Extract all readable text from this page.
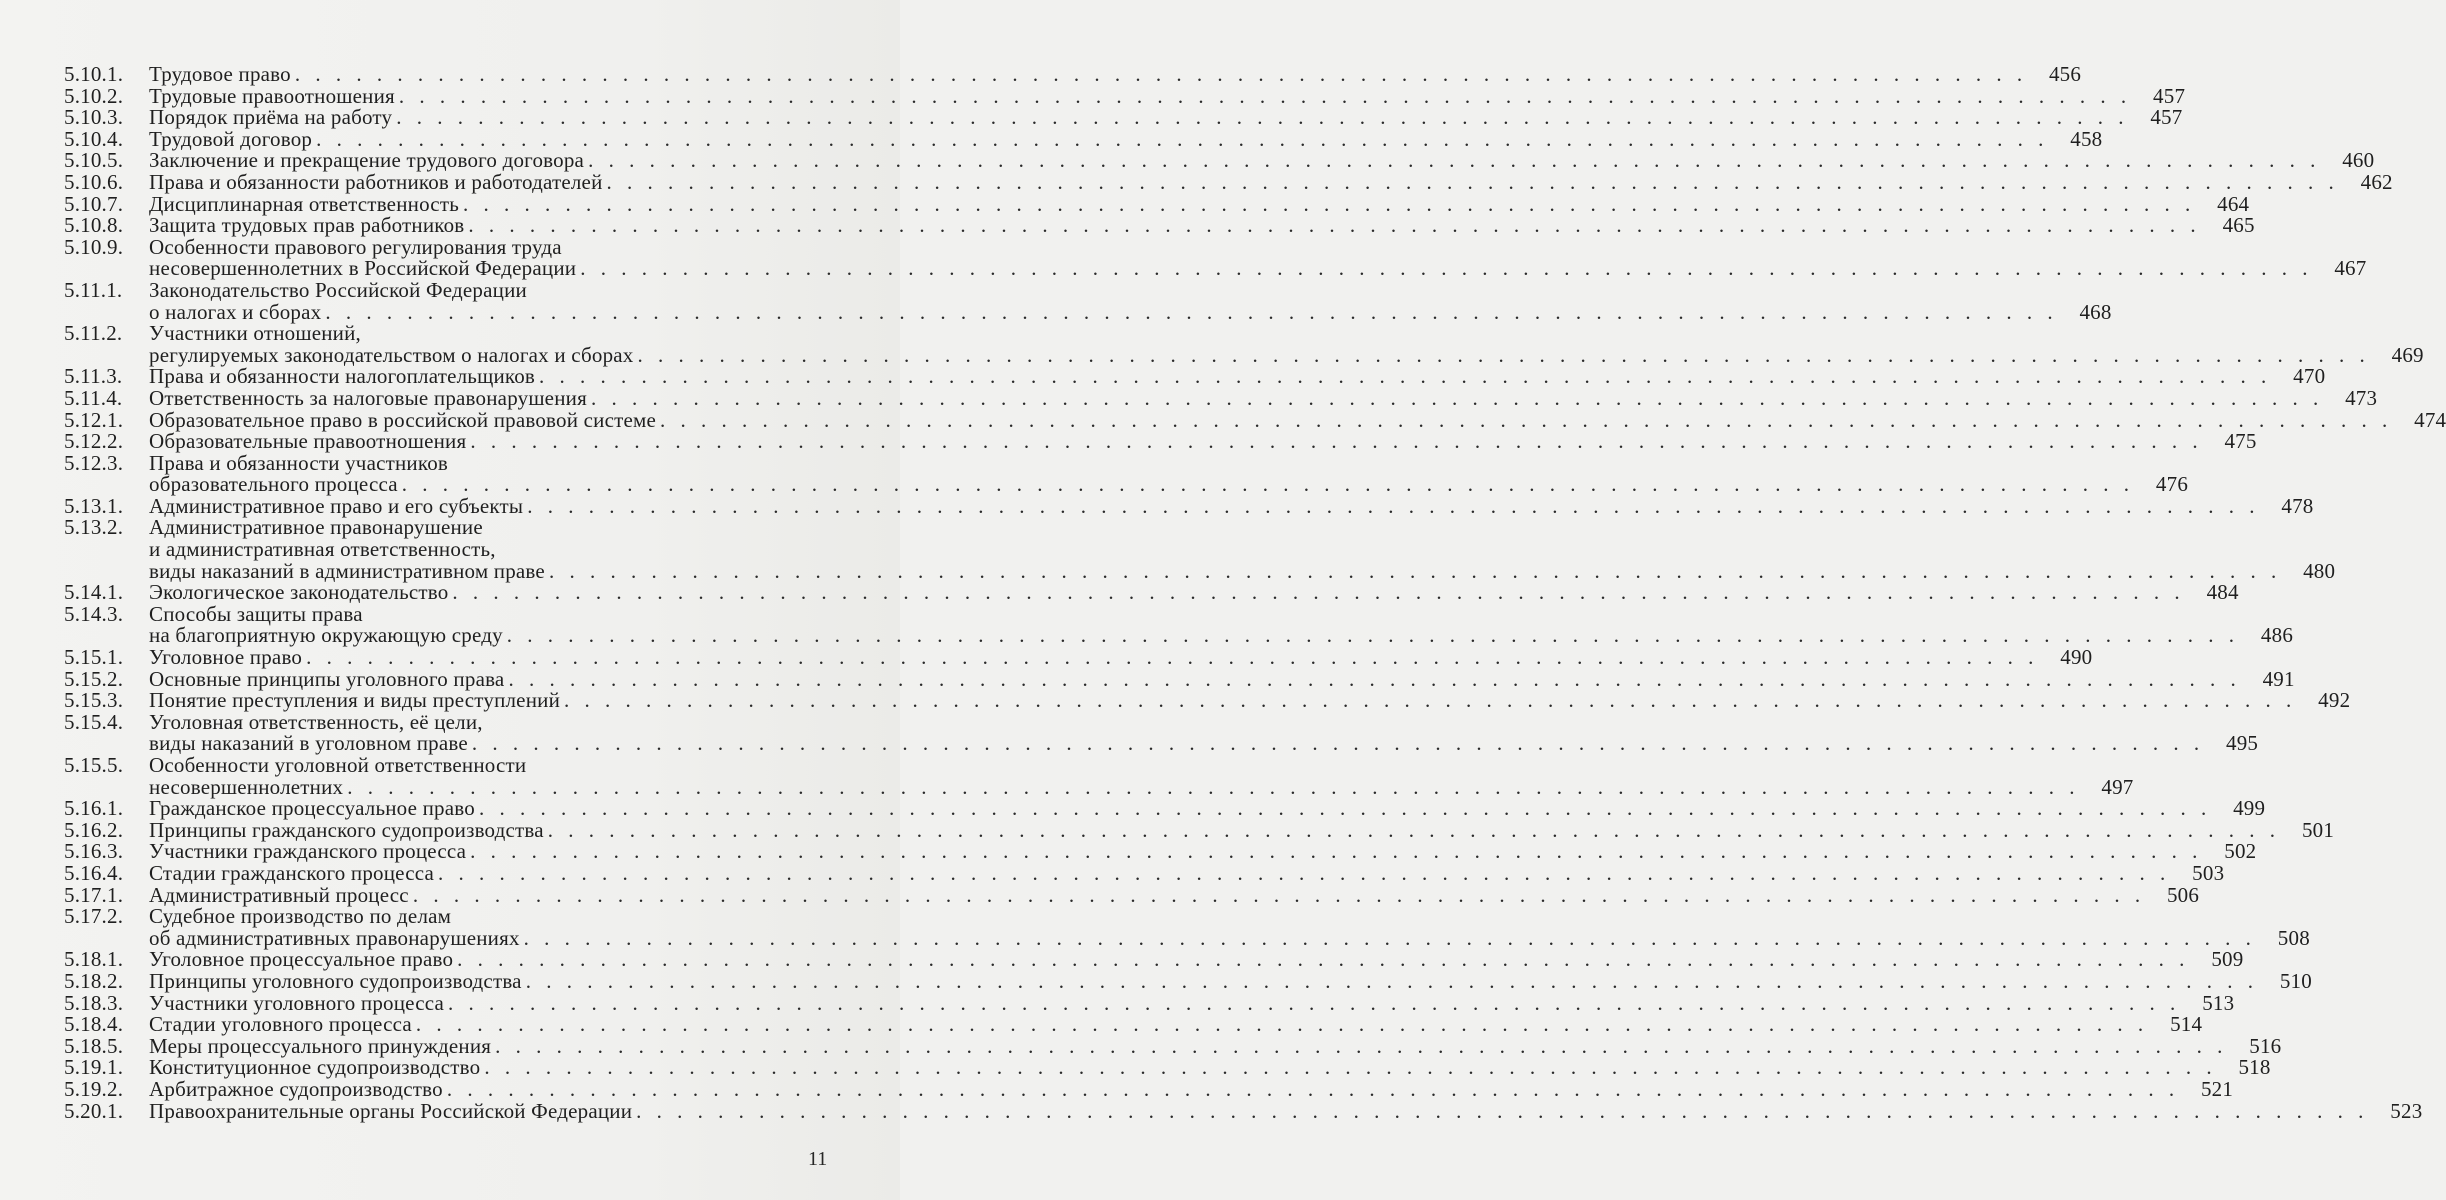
5.10.1.	Трудовое право . . .	456
5.10.2.	Трудовые правоотношения . . .	457
5.10.3.	Порядок приёма на работу . . .	457
5.10.4.	Трудовой договор . . .	458
5.10.5.	Заключение и прекращение трудового договора . . .	460
5.10.6.	Права и обязанности работников и работодателей . . .	462
5.10.7.	Дисциплинарная ответственность . . .	464
5.10.8.	Защита трудовых прав работников . . .	465
5.10.9.	Особенности правового регулирования труда
несовершеннолетних в Российской Федерации . . .	467
5.11.1.	Законодательство Российской Федерации
о налогах и сборах . . .	468
5.11.2.	Участники отношений,
регулируемых законодательством о налогах и сборах . . .	469
5.11.3.	Права и обязанности налогоплательщиков . . .	470
5.11.4.	Ответственность за налоговые правонарушения . . .	473
5.12.1.	Образовательное право в российской правовой системе . . .	474
5.12.2.	Образовательные правоотношения . . .	475
5.12.3.	Права и обязанности участников
образовательного процесса . . .	476
5.13.1.	Административное право и его субъекты . . .	478
5.13.2.	Административное правонарушение
и административная ответственность,
виды наказаний в административном праве . . .	480
5.14.1.	Экологическое законодательство . . .	484
5.14.3.	Способы защиты права
на благоприятную окружающую среду . . .	486
5.15.1.	Уголовное право . . .	490
5.15.2.	Основные принципы уголовного права . . .	491
5.15.3.	Понятие преступления и виды преступлений . . .	492
5.15.4.	Уголовная ответственность, её цели,
виды наказаний в уголовном праве . . .	495
5.15.5.	Особенности уголовной ответственности
несовершеннолетних . . .	497
5.16.1.	Гражданское процессуальное право . . .	499
5.16.2.	Принципы гражданского судопроизводства . . .	501
5.16.3.	Участники гражданского процесса . . .	502
5.16.4.	Стадии гражданского процесса . . .	503
5.17.1.	Административный процесс . . .	506
5.17.2.	Судебное производство по делам
об административных правонарушениях . . .	508
5.18.1.	Уголовное процессуальное право . . .	509
5.18.2.	Принципы уголовного судопроизводства . . .	510
5.18.3.	Участники уголовного процесса . . .	513
5.18.4.	Стадии уголовного процесса . . .	514
5.18.5.	Меры процессуального принуждения . . .	516
5.19.1.	Конституционное судопроизводство . . .	518
5.19.2.	Арбитражное судопроизводство . . .	521
5.20.1.	Правоохранительные органы Российской Федерации . . .	523
11
